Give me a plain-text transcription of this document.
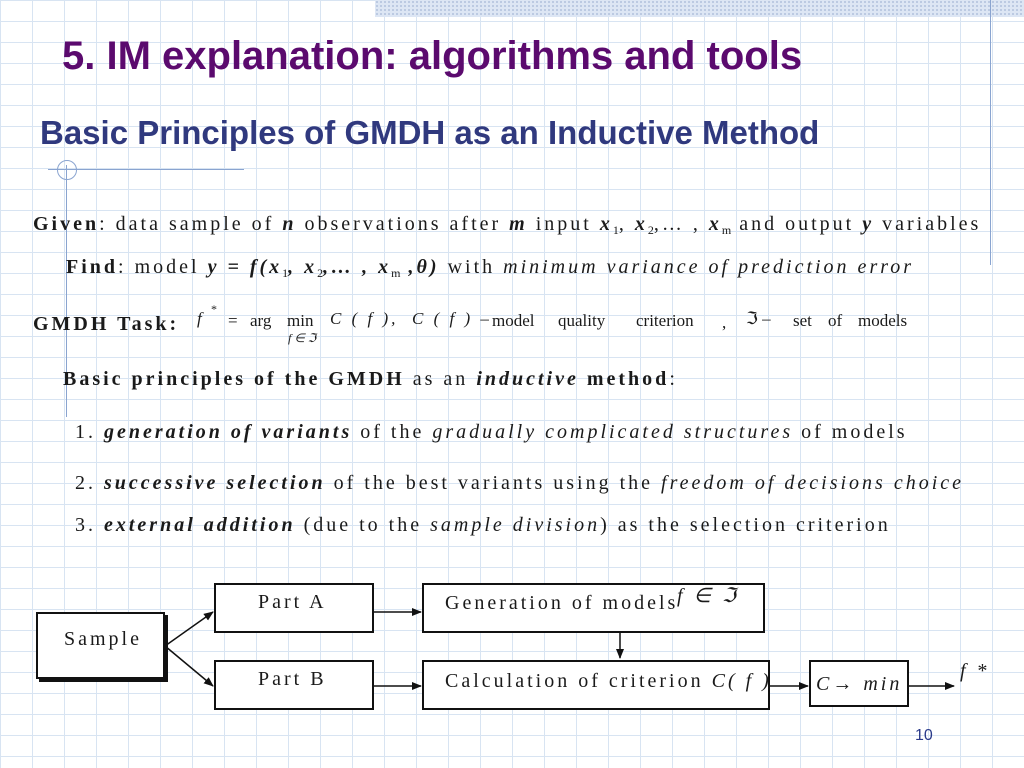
5. IM explanation: algorithms and tools
Basic Principles of GMDH as an Inductive Method
Given: data sample of n observations after m input $x_1$, $x_2,\dots$ , $x_m$ and output y variables
Find: model $y = f(x_1$, $x_2,\dots$ , $x_m$ ,θ) with minimum variance of prediction error
GMDH Task: f *
= arg min
f ∈ ℑ
C ( f ), C ( f ) – model quality criterion , ℑ – set of models
Basic principles of the GMDH as an inductive method:
1. generation of variants of the gradually complicated structures of models
2. successive selection of the best variants using the freedom of decisions choice
3. external addition (due to the sample division) as the selection criterion
Sample
Part A
Part B
Generation of models
f ∈ ℑ
Calculation of criterion C( f ) C→ min
f *
10
